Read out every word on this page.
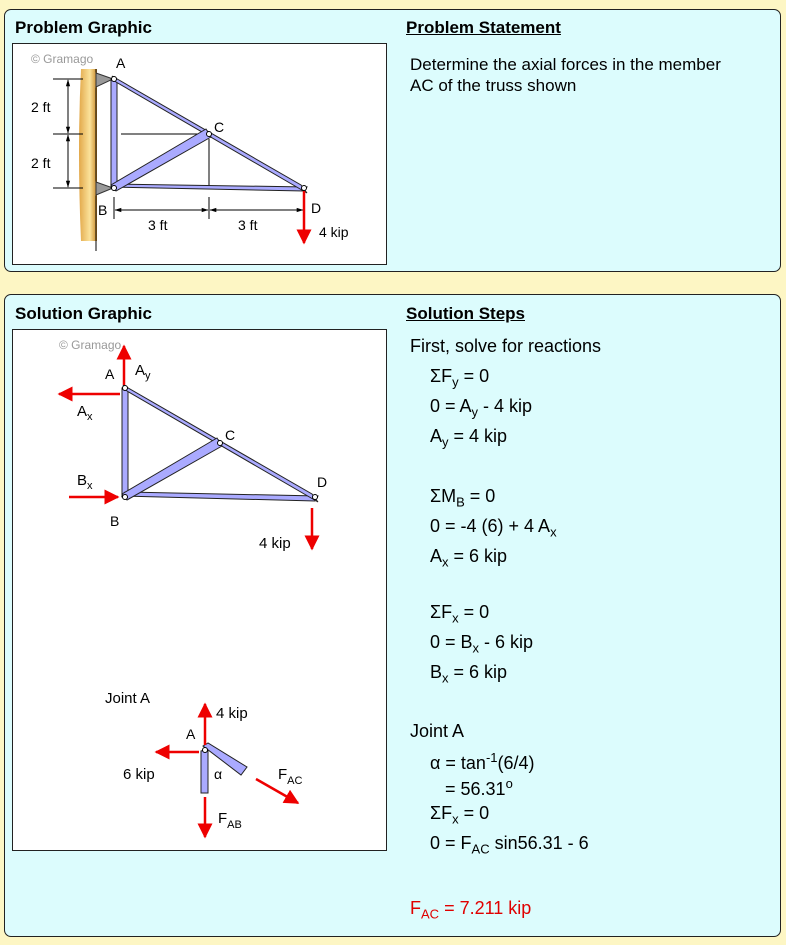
Problem Graphic	Problem Statement
Determine the axial forces in the member AC of the truss shown
© Gramago
2 ft
2 ft
3 ft	3 ft
A
C
B	D
4 kip
Solution Graphic	Solution Steps
© Gramago
A
C
B
D
$A_y$
$A_x$
$B_x$
4 kip
Joint A
A
α
4 kip
6 kip
$F_{AB}$
$F_{AC}$
First, solve for reactions
$\Sigma F_y = 0$
$0 = A_y - 4$ kip
$A_y = 4$ kip
$\Sigma M_B = 0$
0 = -4 (6) + 4 $A_x$
$A_x = 6$ kip
$\Sigma F_x = 0$
$0 = B_x - 6$ kip
$B_x = 6$ kip
Joint A
$\alpha = \tan^{-1}(6/4)$
= $56.31^o$
$\Sigma F_x = 0$
$0 = F_{AC}$ sin56.31 - 6
$F_{AC} = 7.211$ kip
